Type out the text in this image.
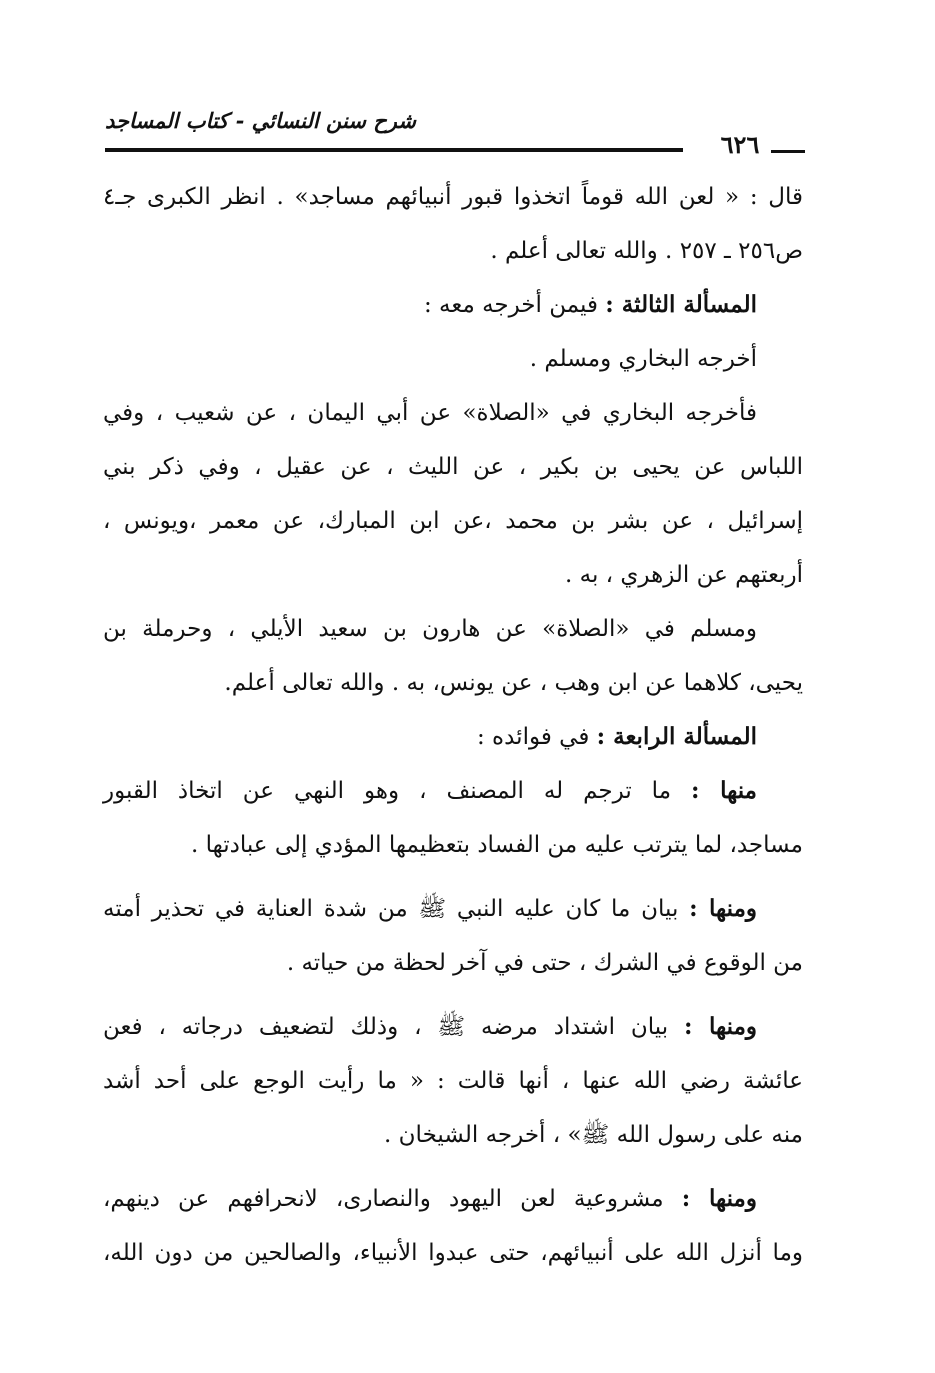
شرح سنن النسائي - كتاب المساجد
٦٢٦
قال : « لعن الله قوماً اتخذوا قبور أنبيائهم مساجد» . انظر الكبرى جـ٤
ص٢٥٦ ـ ٢٥٧ . والله تعالى أعلم .
المسألة الثالثة : فيمن أخرجه معه :
أخرجه البخاري ومسلم .
فأخرجه البخاري في «الصلاة» عن أبي اليمان ، عن شعيب ، وفي
اللباس عن يحيى بن بكير ، عن الليث ، عن عقيل ، وفي ذكر بني
إسرائيل ، عن بشر بن محمد ،عن ابن المبارك، عن معمر ،ويونس ،
أربعتهم عن الزهري ، به .
ومسلم في «الصلاة» عن هارون بن سعيد الأيلي ، وحرملة بن
يحيى، كلاهما عن ابن وهب ، عن يونس، به . والله تعالى أعلم.
المسألة الرابعة : في فوائده :
منها : ما ترجم له المصنف ، وهو النهي عن اتخاذ القبور
مساجد، لما يترتب عليه من الفساد بتعظيمها المؤدي إلى عبادتها .
ومنها : بيان ما كان عليه النبي ﷺ من شدة العناية في تحذير أمته
من الوقوع في الشرك ، حتى في آخر لحظة من حياته .
ومنها : بيان اشتداد مرضه ﷺ ، وذلك لتضعيف درجاته ، فعن
عائشة رضي الله عنها ، أنها قالت : « ما رأيت الوجع على أحد أشد
منه على رسول الله ﷺ» ، أخرجه الشيخان .
ومنها : مشروعية لعن اليهود والنصارى، لانحرافهم عن دينهم،
وما أنزل الله على أنبيائهم، حتى عبدوا الأنبياء، والصالحين من دون الله،
